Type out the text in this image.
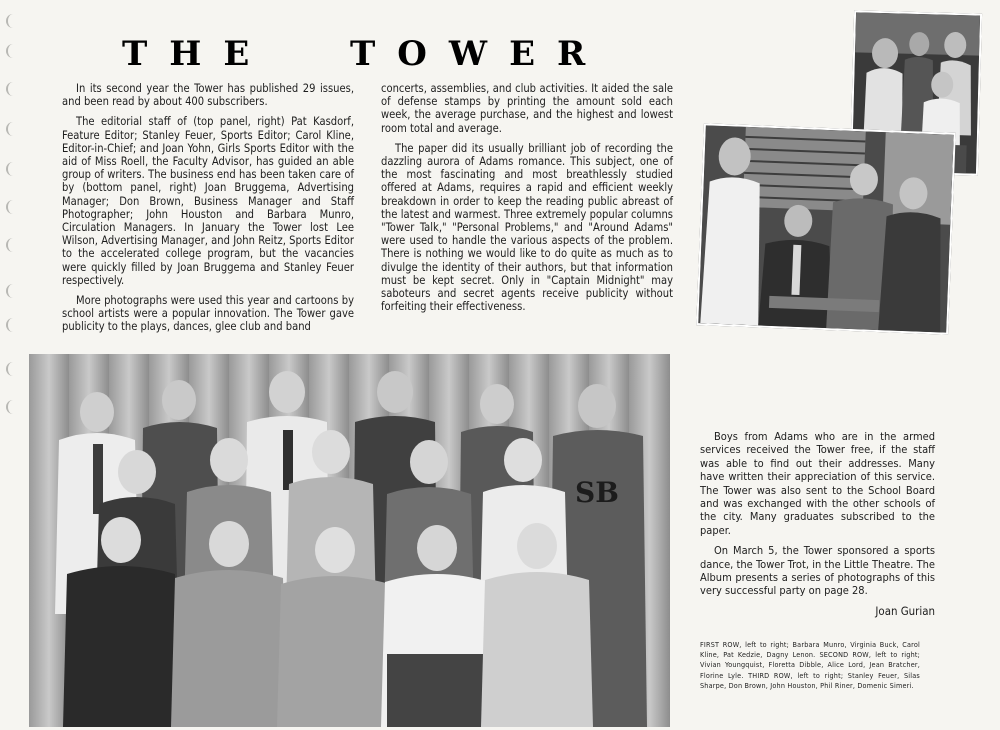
THE TOWER

In its second year the Tower has published 29 issues, and been read by about 400 subscribers.

The editorial staff of (top panel, right) Pat Kasdorf, Feature Editor; Stanley Feuer, Sports Editor; Carol Kline, Editor-in-Chief; and Joan Yohn, Girls Sports Editor with the aid of Miss Roell, the Faculty Advisor, has guided an able group of writers. The business end has been taken care of by (bottom panel, right) Joan Bruggema, Advertising Manager; Don Brown, Business Manager and Staff Photographer; John Houston and Barbara Munro, Circulation Managers. In January the Tower lost Lee Wilson, Advertising Manager, and John Reitz, Sports Editor to the accelerated college program, but the vacancies were quickly filled by Joan Bruggema and Stanley Feuer respectively.

More photographs were used this year and cartoons by school artists were a popular innovation. The Tower gave publicity to the plays, dances, glee club and band

concerts, assemblies, and club activities. It aided the sale of defense stamps by printing the amount sold each week, the average purchase, and the highest and lowest room total and average.

The paper did its usually brilliant job of recording the dazzling aurora of Adams romance. This subject, one of the most fascinating and most breathlessly studied offered at Adams, requires a rapid and efficient weekly breakdown in order to keep the reading public abreast of the latest and warmest. Three extremely popular columns "Tower Talk," "Personal Problems," and "Around Adams" were used to handle the various aspects of the problem. There is nothing we would like to do quite as much as to divulge the identity of their authors, but that information must be kept secret. Only in "Captain Midnight" may saboteurs and secret agents receive publicity without forfeiting their effectiveness.

SB

Boys from Adams who are in the armed services received the Tower free, if the staff was able to find out their addresses. Many have written their appreciation of this service. The Tower was also sent to the School Board and was exchanged with the other schools of the city. Many graduates subscribed to the paper.

On March 5, the Tower sponsored a sports dance, the Tower Trot, in the Little Theatre. The Album presents a series of photographs of this very successful party on page 28.

Joan Gurian
FIRST ROW, left to right; Barbara Munro, Virginia Buck, Carol Kline, Pat Kedzie, Dagny Lenon. SECOND ROW, left to right; Vivian Youngquist, Floretta Dibble, Alice Lord, Jean Bratcher, Florine Lyle. THIRD ROW, left to right; Stanley Feuer, Silas Sharpe, Don Brown, John Houston, Phil Riner, Domenic Simeri.
